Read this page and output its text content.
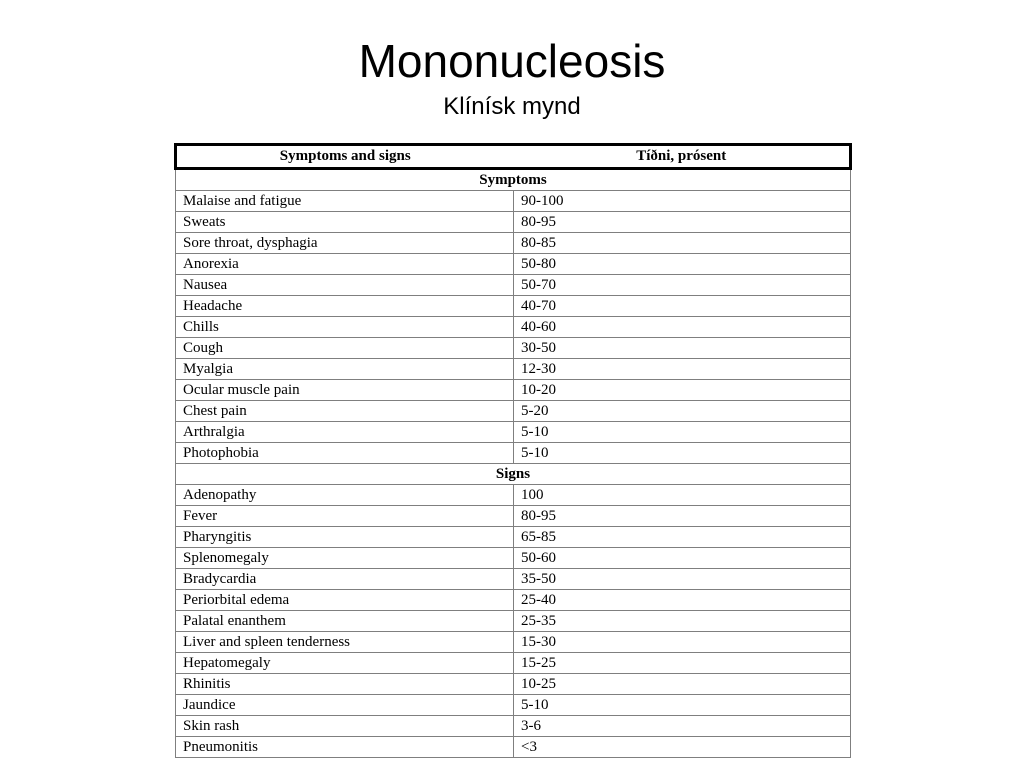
Mononucleosis
Klínísk mynd
Symptoms and signs	Tíðni, prósent
Symptoms	
Malaise and fatigue	90-100
Sweats	80-95
Sore throat, dysphagia	80-85
Anorexia	50-80
Nausea	50-70
Headache	40-70
Chills	40-60
Cough	30-50
Myalgia	12-30
Ocular muscle pain	10-20
Chest pain	5-20
Arthralgia	5-10
Photophobia	5-10
Signs	
Adenopathy	100
Fever	80-95
Pharyngitis	65-85
Splenomegaly	50-60
Bradycardia	35-50
Periorbital edema	25-40
Palatal enanthem	25-35
Liver and spleen tenderness	15-30
Hepatomegaly	15-25
Rhinitis	10-25
Jaundice	5-10
Skin rash	3-6
Pneumonitis	<3
